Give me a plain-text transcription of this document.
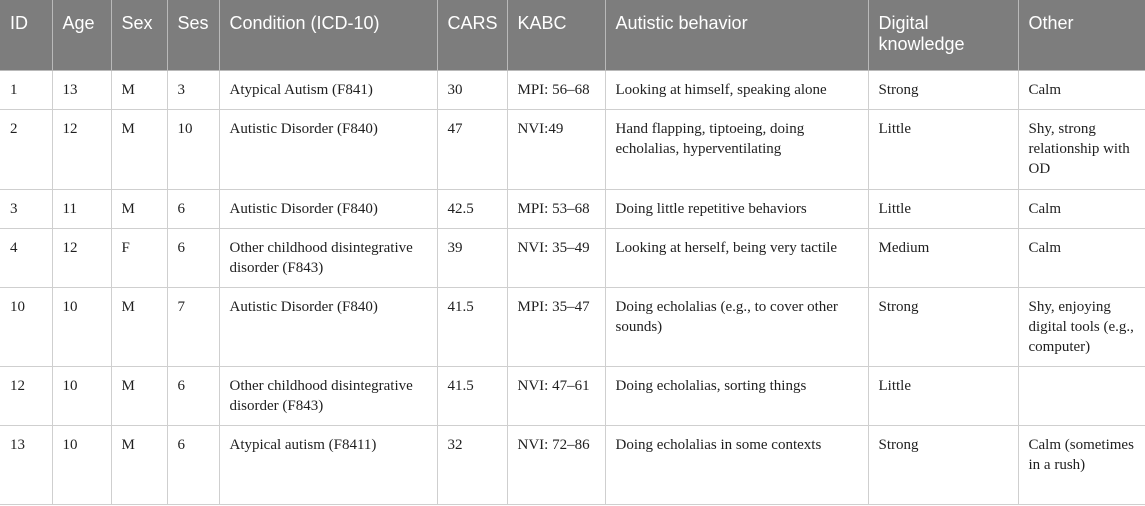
ID	Age	Sex	Ses	Condition (ICD-10)	CARS	KABC	Autistic behavior	Digital knowledge	Other
1	13	M	3	Atypical Autism (F841)	30	MPI: 56–68	Looking at himself, speaking alone	Strong	Calm
2	12	M	10	Autistic Disorder (F840)	47	NVI:49	Hand flapping, tiptoeing, doing echolalias, hyperventilating	Little	Shy, strong relationship with OD
3	11	M	6	Autistic Disorder (F840)	42.5	MPI: 53–68	Doing little repetitive behaviors	Little	Calm
4	12	F	6	Other childhood disintegrative disorder (F843)	39	NVI: 35–49	Looking at herself, being very tactile	Medium	Calm
10	10	M	7	Autistic Disorder (F840)	41.5	MPI: 35–47	Doing echolalias (e.g., to cover other sounds)	Strong	Shy, enjoying digital tools (e.g., computer)
12	10	M	6	Other childhood disintegrative disorder (F843)	41.5	NVI: 47–61	Doing echolalias, sorting things	Little	
13	10	M	6	Atypical autism (F8411)	32	NVI: 72–86	Doing echolalias in some contexts	Strong	Calm (sometimes in a rush)
